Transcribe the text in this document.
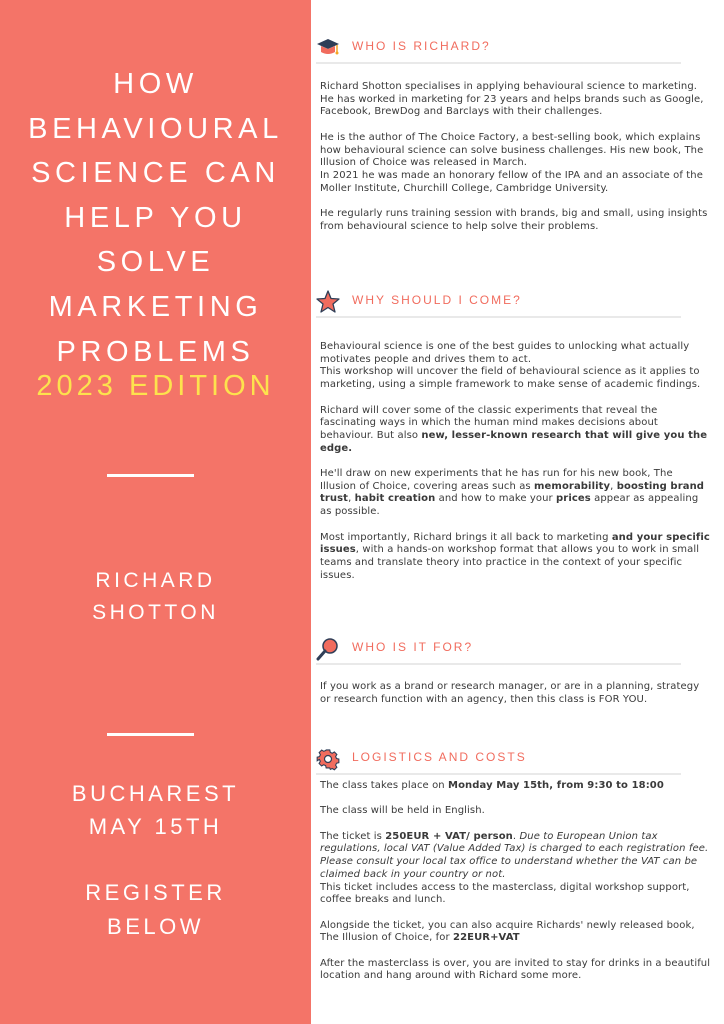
HOW
BEHAVIOURAL
SCIENCE CAN
HELP YOU SOLVE
MARKETING
PROBLEMS
2023 EDITION
RICHARD
SHOTTON
BUCHAREST
MAY 15TH
REGISTER
BELOW
WHO IS RICHARD?

Richard Shotton specialises in applying behavioural science to marketing. He has worked in marketing for 23 years and helps brands such as Google, Facebook, BrewDog and Barclays with their challenges.

He is the author of The Choice Factory, a best-selling book, which explains how behavioural science can solve business challenges. His new book, The Illusion of Choice was released in March.

In 2021 he was made an honorary fellow of the IPA and an associate of the Moller Institute, Churchill College, Cambridge University.

He regularly runs training session with brands, big and small, using insights from behavioural science to help solve their problems.

WHY SHOULD I COME?

Behavioural science is one of the best guides to unlocking what actually motivates people and drives them to act.

This workshop will uncover the field of behavioural science as it applies to marketing, using a simple framework to make sense of academic findings.

Richard will cover some of the classic experiments that reveal the fascinating ways in which the human mind makes decisions about behaviour. But also new, lesser-known research that will give you the edge.

He'll draw on new experiments that he has run for his new book, The Illusion of Choice, covering areas such as memorability, boosting brand trust, habit creation and how to make your prices appear as appealing as possible.

Most importantly, Richard brings it all back to marketing and your specific issues, with a hands-on workshop format that allows you to work in small teams and translate theory into practice in the context of your specific issues.

WHO IS IT FOR?

If you work as a brand or research manager, or are in a planning, strategy or research function with an agency, then this class is FOR YOU.

LOGISTICS AND COSTS

The class takes place on Monday May 15th, from 9:30 to 18:00

The class will be held in English.

The ticket is 250EUR + VAT/ person. Due to European Union tax regulations, local VAT (Value Added Tax) is charged to each registration fee. Please consult your local tax office to understand whether the VAT can be claimed back in your country or not.

This ticket includes access to the masterclass, digital workshop support, coffee breaks and lunch.

Alongside the ticket, you can also acquire Richards' newly released book, The Illusion of Choice, for 22EUR+VAT

After the masterclass is over, you are invited to stay for drinks in a beautiful location and hang around with Richard some more.
